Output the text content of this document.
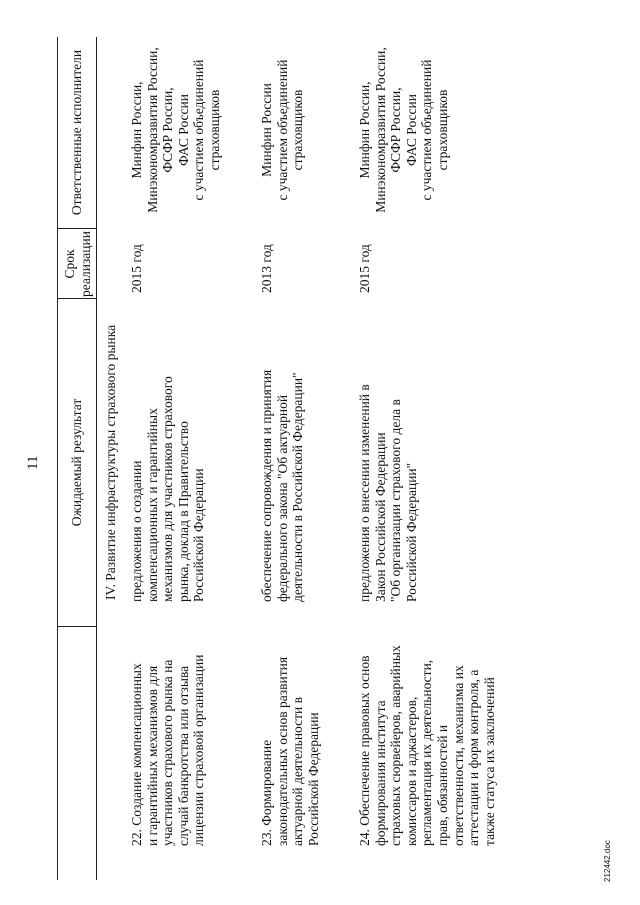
11 Ожидаемый результат
Срок
реализации
Ответственные исполнители
IV. Развитие инфраструктуры страхового рынка
22. Создание компенсационных
и гарантийных механизмов для
участников страхового рынка на
случай банкротства или отзыва
лицензии страховой организации
предложения о создании
компенсационных и гарантийных
механизмов для участников страхового
рынка, доклад в Правительство
Российской Федерации
2015 год
Минфин России,
Минэкономразвития России,
ФСФР России,
ФАС России
с участием объединений
страховщиков
23. Формирование
законодательных основ развития
актуарной деятельности в
Российской Федерации
обеспечение сопровождения и принятия
федерального закона "Об актуарной
деятельности в Российской Федерации"
2013 год
Минфин России
с участием объединений
страховщиков
24. Обеспечение правовых основ
формирования института
страховых сюрвейеров, аварийных
комиссаров и аджастеров,
регламентация их деятельности,
прав, обязанностей и
ответственности, механизма их
аттестации и форм контроля, а
также статуса их заключений
предложения о внесении изменений в
Закон Российской Федерации
"Об организации страхового дела в
Российской Федерации"
2015 год
Минфин России,
Минэкономразвития России,
ФСФР России,
ФАС России
с участием объединений
страховщиков
212442.doc
